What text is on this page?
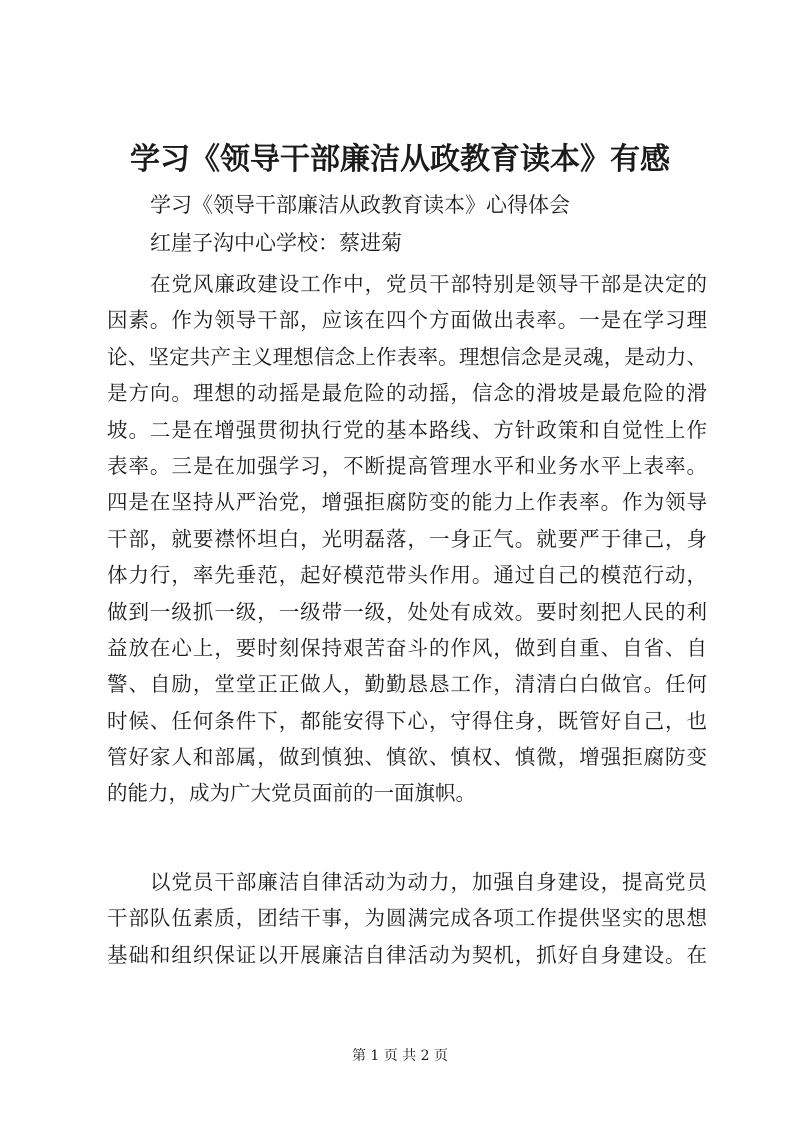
学习《领导干部廉洁从政教育读本》有感

学习《领导干部廉洁从政教育读本》心得体会

红崖子沟中心学校：蔡进菊

在党风廉政建设工作中，党员干部特别是领导干部是决定的
因素。作为领导干部，应该在四个方面做出表率。一是在学习理
论、坚定共产主义理想信念上作表率。理想信念是灵魂，是动力、
是方向。理想的动摇是最危险的动摇，信念的滑坡是最危险的滑
坡。二是在增强贯彻执行党的基本路线、方针政策和自觉性上作
表率。三是在加强学习，不断提高管理水平和业务水平上表率。
四是在坚持从严治党，增强拒腐防变的能力上作表率。作为领导
干部，就要襟怀坦白，光明磊落，一身正气。就要严于律己，身
体力行，率先垂范，起好模范带头作用。通过自己的模范行动，
做到一级抓一级，一级带一级，处处有成效。要时刻把人民的利
益放在心上，要时刻保持艰苦奋斗的作风，做到自重、自省、自
警、自励，堂堂正正做人，勤勤恳恳工作，清清白白做官。任何
时候、任何条件下，都能安得下心，守得住身，既管好自己，也
管好家人和部属，做到慎独、慎欲、慎权、慎微，增强拒腐防变
的能力，成为广大党员面前的一面旗帜。
以党员干部廉洁自律活动为动力，加强自身建设，提高党员
干部队伍素质，团结干事，为圆满完成各项工作提供坚实的思想
基础和组织保证以开展廉洁自律活动为契机，抓好自身建设。在

第 1 页 共 2 页
